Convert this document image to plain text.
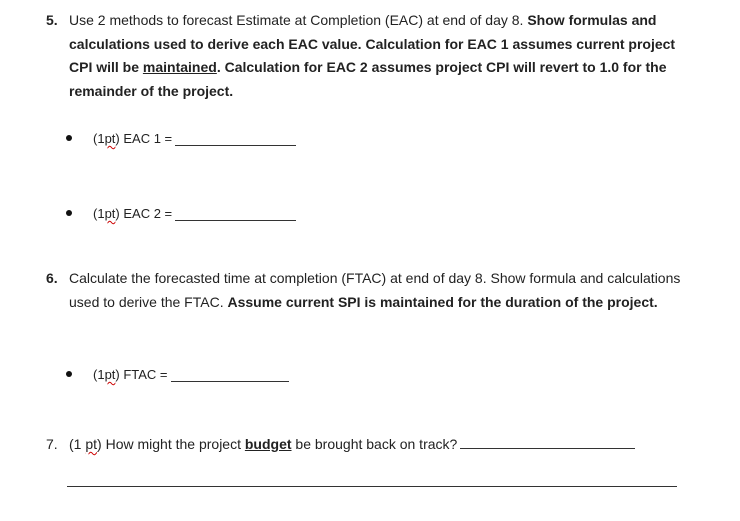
5. Use 2 methods to forecast Estimate at Completion (EAC) at end of day 8. Show formulas and calculations used to derive each EAC value. Calculation for EAC 1 assumes current project CPI will be maintained. Calculation for EAC 2 assumes project CPI will revert to 1.0 for the remainder of the project.
(1 pt ) EAC 1 =
(1 pt ) EAC 2 =
6. Calculate the forecasted time at completion (FTAC) at end of day 8. Show formula and calculations used to derive the FTAC. Assume current SPI is maintained for the duration of the project.
(1 pt ) FTAC =
7. (1 pt) How might the project budget be brought back on track?
